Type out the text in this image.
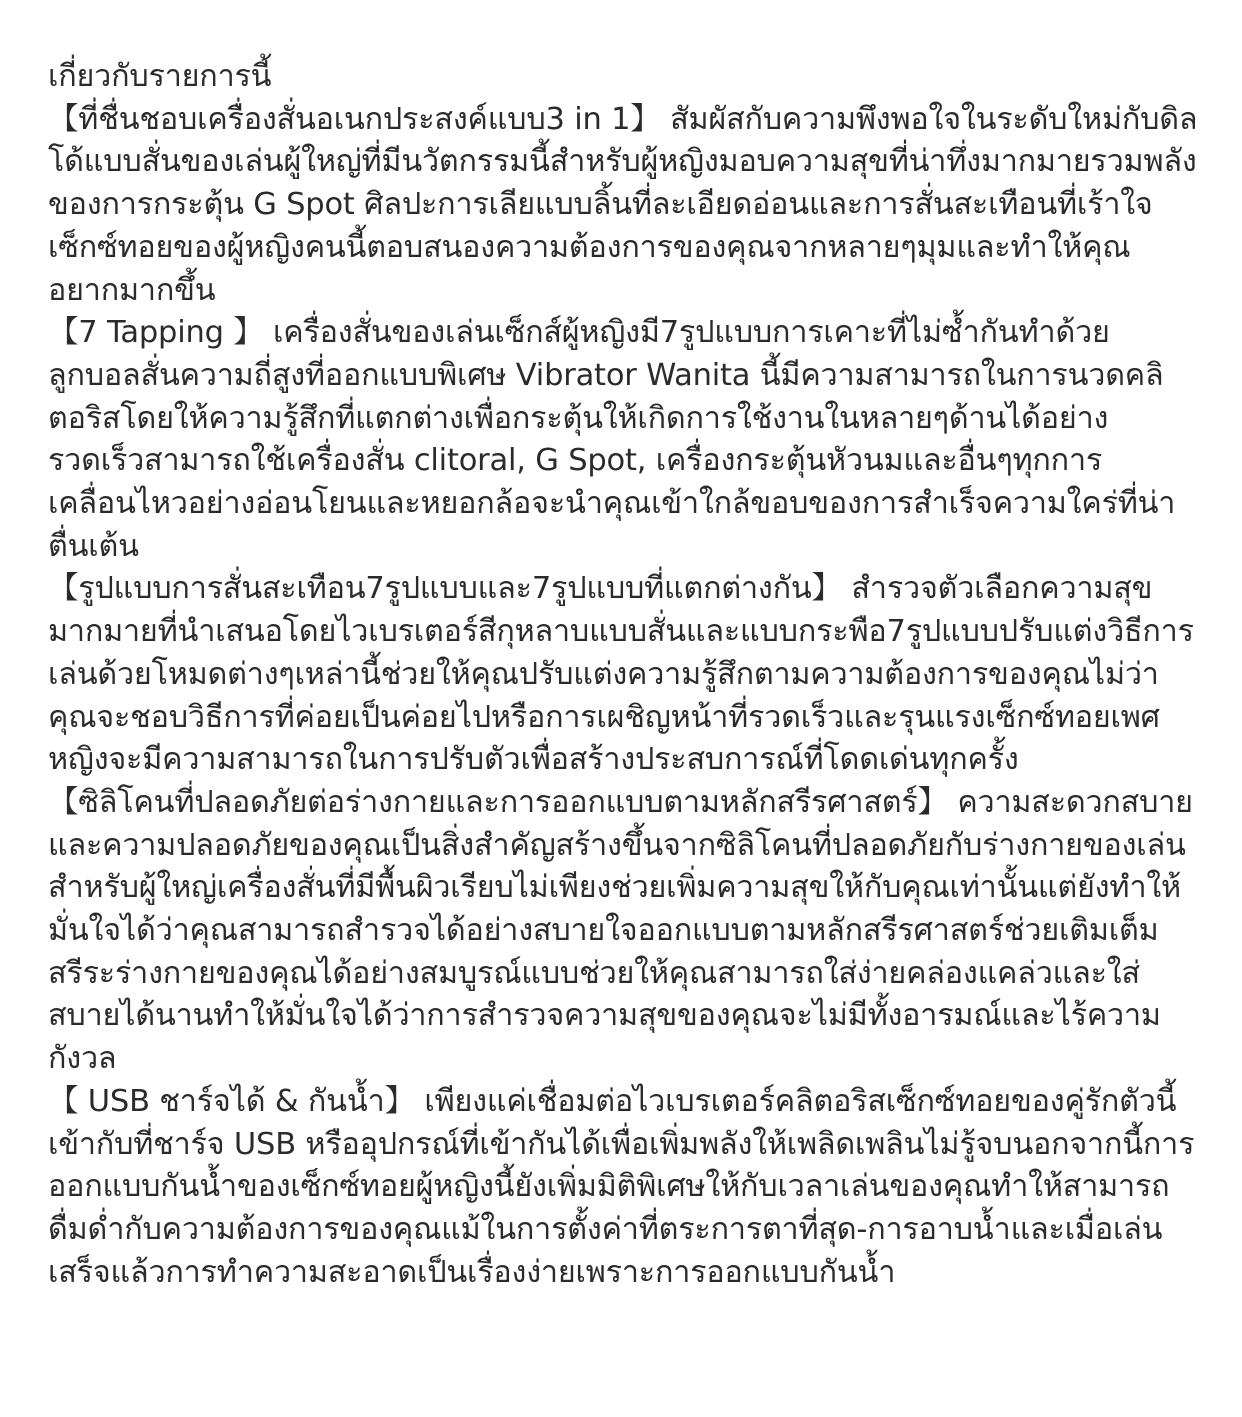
เกี่ยวกับรายการนี้

【ที่ชื่นชอบเครื่องสั่นอเนกประสงค์แบบ3 in 1】 สัมผัสกับความพึงพอใจในระดับใหม่กับดิลโด้แบบสั่นของเล่นผู้ใหญ่ที่มีนวัตกรรมนี้สำหรับผู้หญิงมอบความสุขที่น่าทึ่งมากมายรวมพลังของการกระตุ้น G Spot ศิลปะการเลียแบบลิ้นที่ละเอียดอ่อนและการสั่นสะเทือนที่เร้าใจเซ็กซ์ทอยของผู้หญิงคนนี้ตอบสนองความต้องการของคุณจากหลายๆมุมและทำให้คุณอยากมากขึ้น

【7 Tapping 】 เครื่องสั่นของเล่นเซ็กส์ผู้หญิงมี7รูปแบบการเคาะที่ไม่ซ้ำกันทำด้วยลูกบอลสั่นความถี่สูงที่ออกแบบพิเศษ Vibrator Wanita นี้มีความสามารถในการนวดคลิตอริสโดยให้ความรู้สึกที่แตกต่างเพื่อกระตุ้นให้เกิดการใช้งานในหลายๆด้านได้อย่างรวดเร็วสามารถใช้เครื่องสั่น clitoral, G Spot, เครื่องกระตุ้นหัวนมและอื่นๆทุกการเคลื่อนไหวอย่างอ่อนโยนและหยอกล้อจะนำคุณเข้าใกล้ขอบของการสำเร็จความใคร่ที่น่าตื่นเต้น

【รูปแบบการสั่นสะเทือน7รูปแบบและ7รูปแบบที่แตกต่างกัน】 สำรวจตัวเลือกความสุขมากมายที่นำเสนอโดยไวเบรเตอร์สีกุหลาบแบบสั่นและแบบกระพือ7รูปแบบปรับแต่งวิธีการเล่นด้วยโหมดต่างๆเหล่านี้ช่วยให้คุณปรับแต่งความรู้สึกตามความต้องการของคุณไม่ว่าคุณจะชอบวิธีการที่ค่อยเป็นค่อยไปหรือการเผชิญหน้าที่รวดเร็วและรุนแรงเซ็กซ์ทอยเพศหญิงจะมีความสามารถในการปรับตัวเพื่อสร้างประสบการณ์ที่โดดเด่นทุกครั้ง

【ซิลิโคนที่ปลอดภัยต่อร่างกายและการออกแบบตามหลักสรีรศาสตร์】 ความสะดวกสบายและความปลอดภัยของคุณเป็นสิ่งสำคัญสร้างขึ้นจากซิลิโคนที่ปลอดภัยกับร่างกายของเล่นสำหรับผู้ใหญ่เครื่องสั่นที่มีพื้นผิวเรียบไม่เพียงช่วยเพิ่มความสุขให้กับคุณเท่านั้นแต่ยังทำให้มั่นใจได้ว่าคุณสามารถสำรวจได้อย่างสบายใจออกแบบตามหลักสรีรศาสตร์ช่วยเติมเต็มสรีระร่างกายของคุณได้อย่างสมบูรณ์แบบช่วยให้คุณสามารถใส่ง่ายคล่องแคล่วและใส่สบายได้นานทำให้มั่นใจได้ว่าการสำรวจความสุขของคุณจะไม่มีทั้งอารมณ์และไร้ความกังวล

【 USB ชาร์จได้ & กันน้ำ】 เพียงแค่เชื่อมต่อไวเบรเตอร์คลิตอริสเซ็กซ์ทอยของคู่รักตัวนี้เข้ากับที่ชาร์จ USB หรืออุปกรณ์ที่เข้ากันได้เพื่อเพิ่มพลังให้เพลิดเพลินไม่รู้จบนอกจากนี้การออกแบบกันน้ำของเซ็กซ์ทอยผู้หญิงนี้ยังเพิ่มมิติพิเศษให้กับเวลาเล่นของคุณทำให้สามารถดื่มด่ำกับความต้องการของคุณแม้ในการตั้งค่าที่ตระการตาที่สุด-การอาบน้ำและเมื่อเล่นเสร็จแล้วการทำความสะอาดเป็นเรื่องง่ายเพราะการออกแบบกันน้ำ
